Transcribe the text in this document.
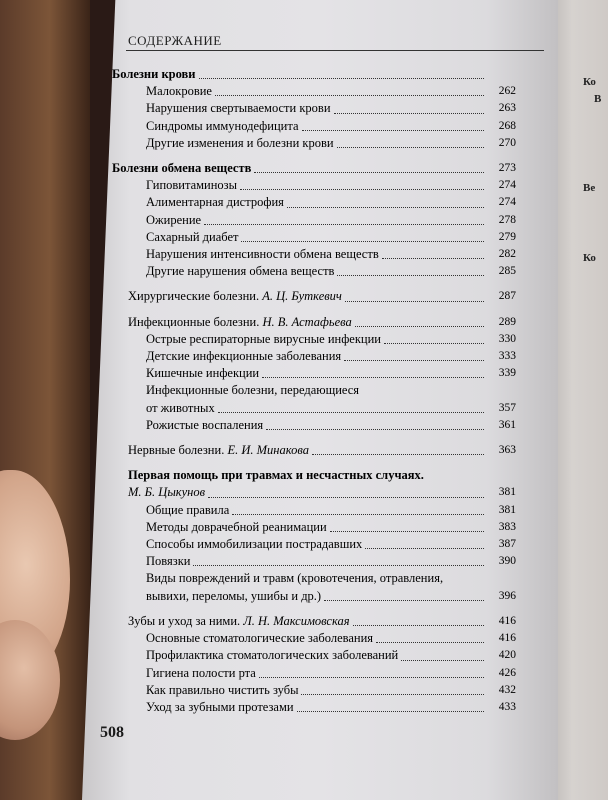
Ко
В
Ве
Ко
СОДЕРЖАНИЕ
Болезни крови
Малокровие	262
Нарушения свертываемости крови	263
Синдромы иммунодефицита	268
Другие изменения и болезни крови	270
Болезни обмена веществ	273
Гиповитаминозы	274
Алиментарная дистрофия	274
Ожирение	278
Сахарный диабет	279
Нарушения интенсивности обмена веществ	282
Другие нарушения обмена веществ	285
Хирургические болезни. А. Ц. Буткевич	287
Инфекционные болезни. Н. В. Астафьева	289
Острые респираторные вирусные инфекции	330
Детские инфекционные заболевания	333
Кишечные инфекции	339
Инфекционные болезни, передающиеся
от животных	357
Рожистые воспаления	361
Нервные болезни. Е. И. Минакова	363
Первая помощь при травмах и несчастных случаях.
М. Б. Цыкунов	381
Общие правила	381
Методы доврачебной реанимации	383
Способы иммобилизации пострадавших	387
Повязки	390
Виды повреждений и травм (кровотечения, отравления,
вывихи, переломы, ушибы и др.)	396
Зубы и уход за ними. Л. Н. Максимовская	416
Основные стоматологические заболевания	416
Профилактика стоматологических заболеваний	420
Гигиена полости рта	426
Как правильно чистить зубы	432
Уход за зубными протезами	433
508
